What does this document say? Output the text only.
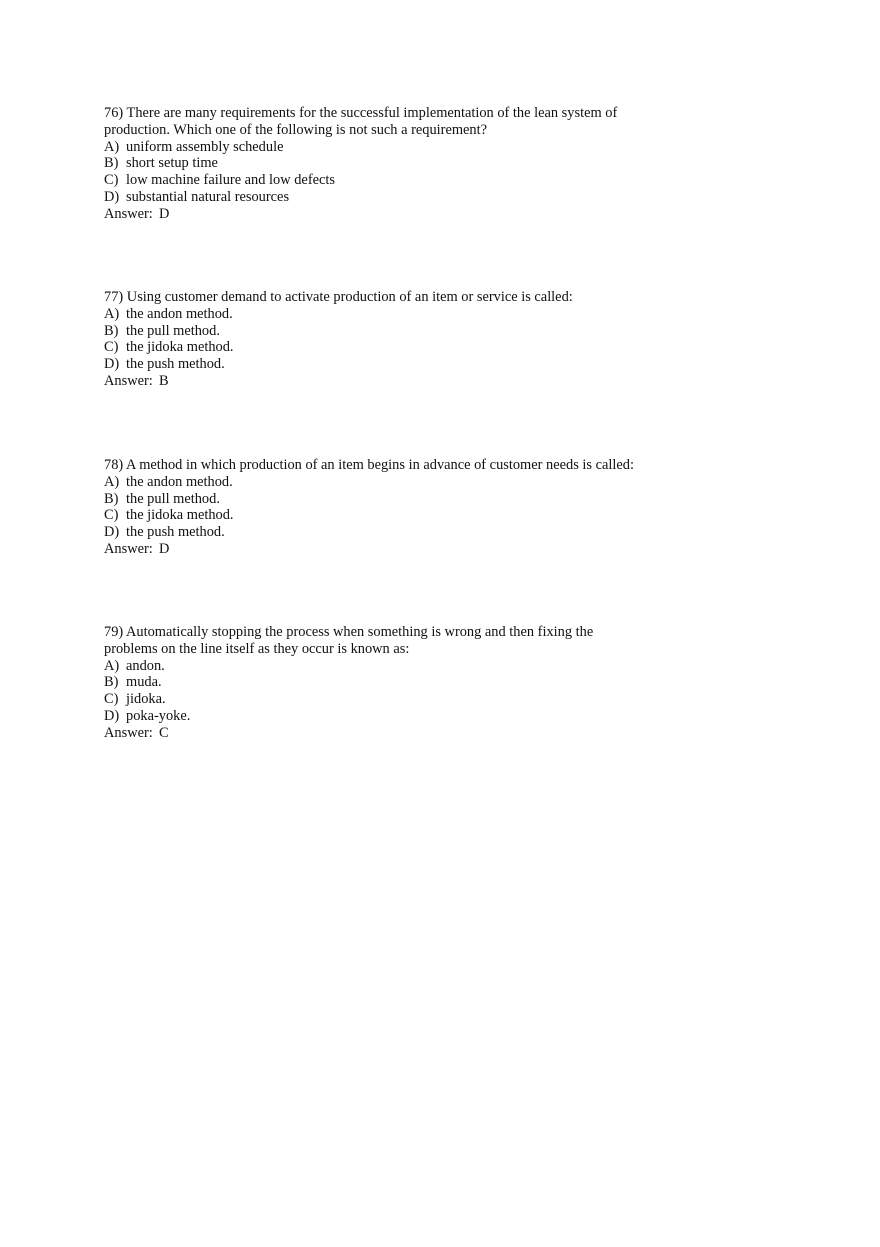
76) There are many requirements for the successful implementation of the lean system of
production. Which one of the following is not such a requirement?
A) uniform assembly schedule
B) short setup time
C) low machine failure and low defects
D) substantial natural resources
Answer: D
77) Using customer demand to activate production of an item or service is called:
A) the andon method.
B) the pull method.
C) the jidoka method.
D) the push method.
Answer: B
78) A method in which production of an item begins in advance of customer needs is called:
A) the andon method.
B) the pull method.
C) the jidoka method.
D) the push method.
Answer: D
79) Automatically stopping the process when something is wrong and then fixing the
problems on the line itself as they occur is known as:
A) andon.
B) muda.
C) jidoka.
D) poka-yoke.
Answer: C
